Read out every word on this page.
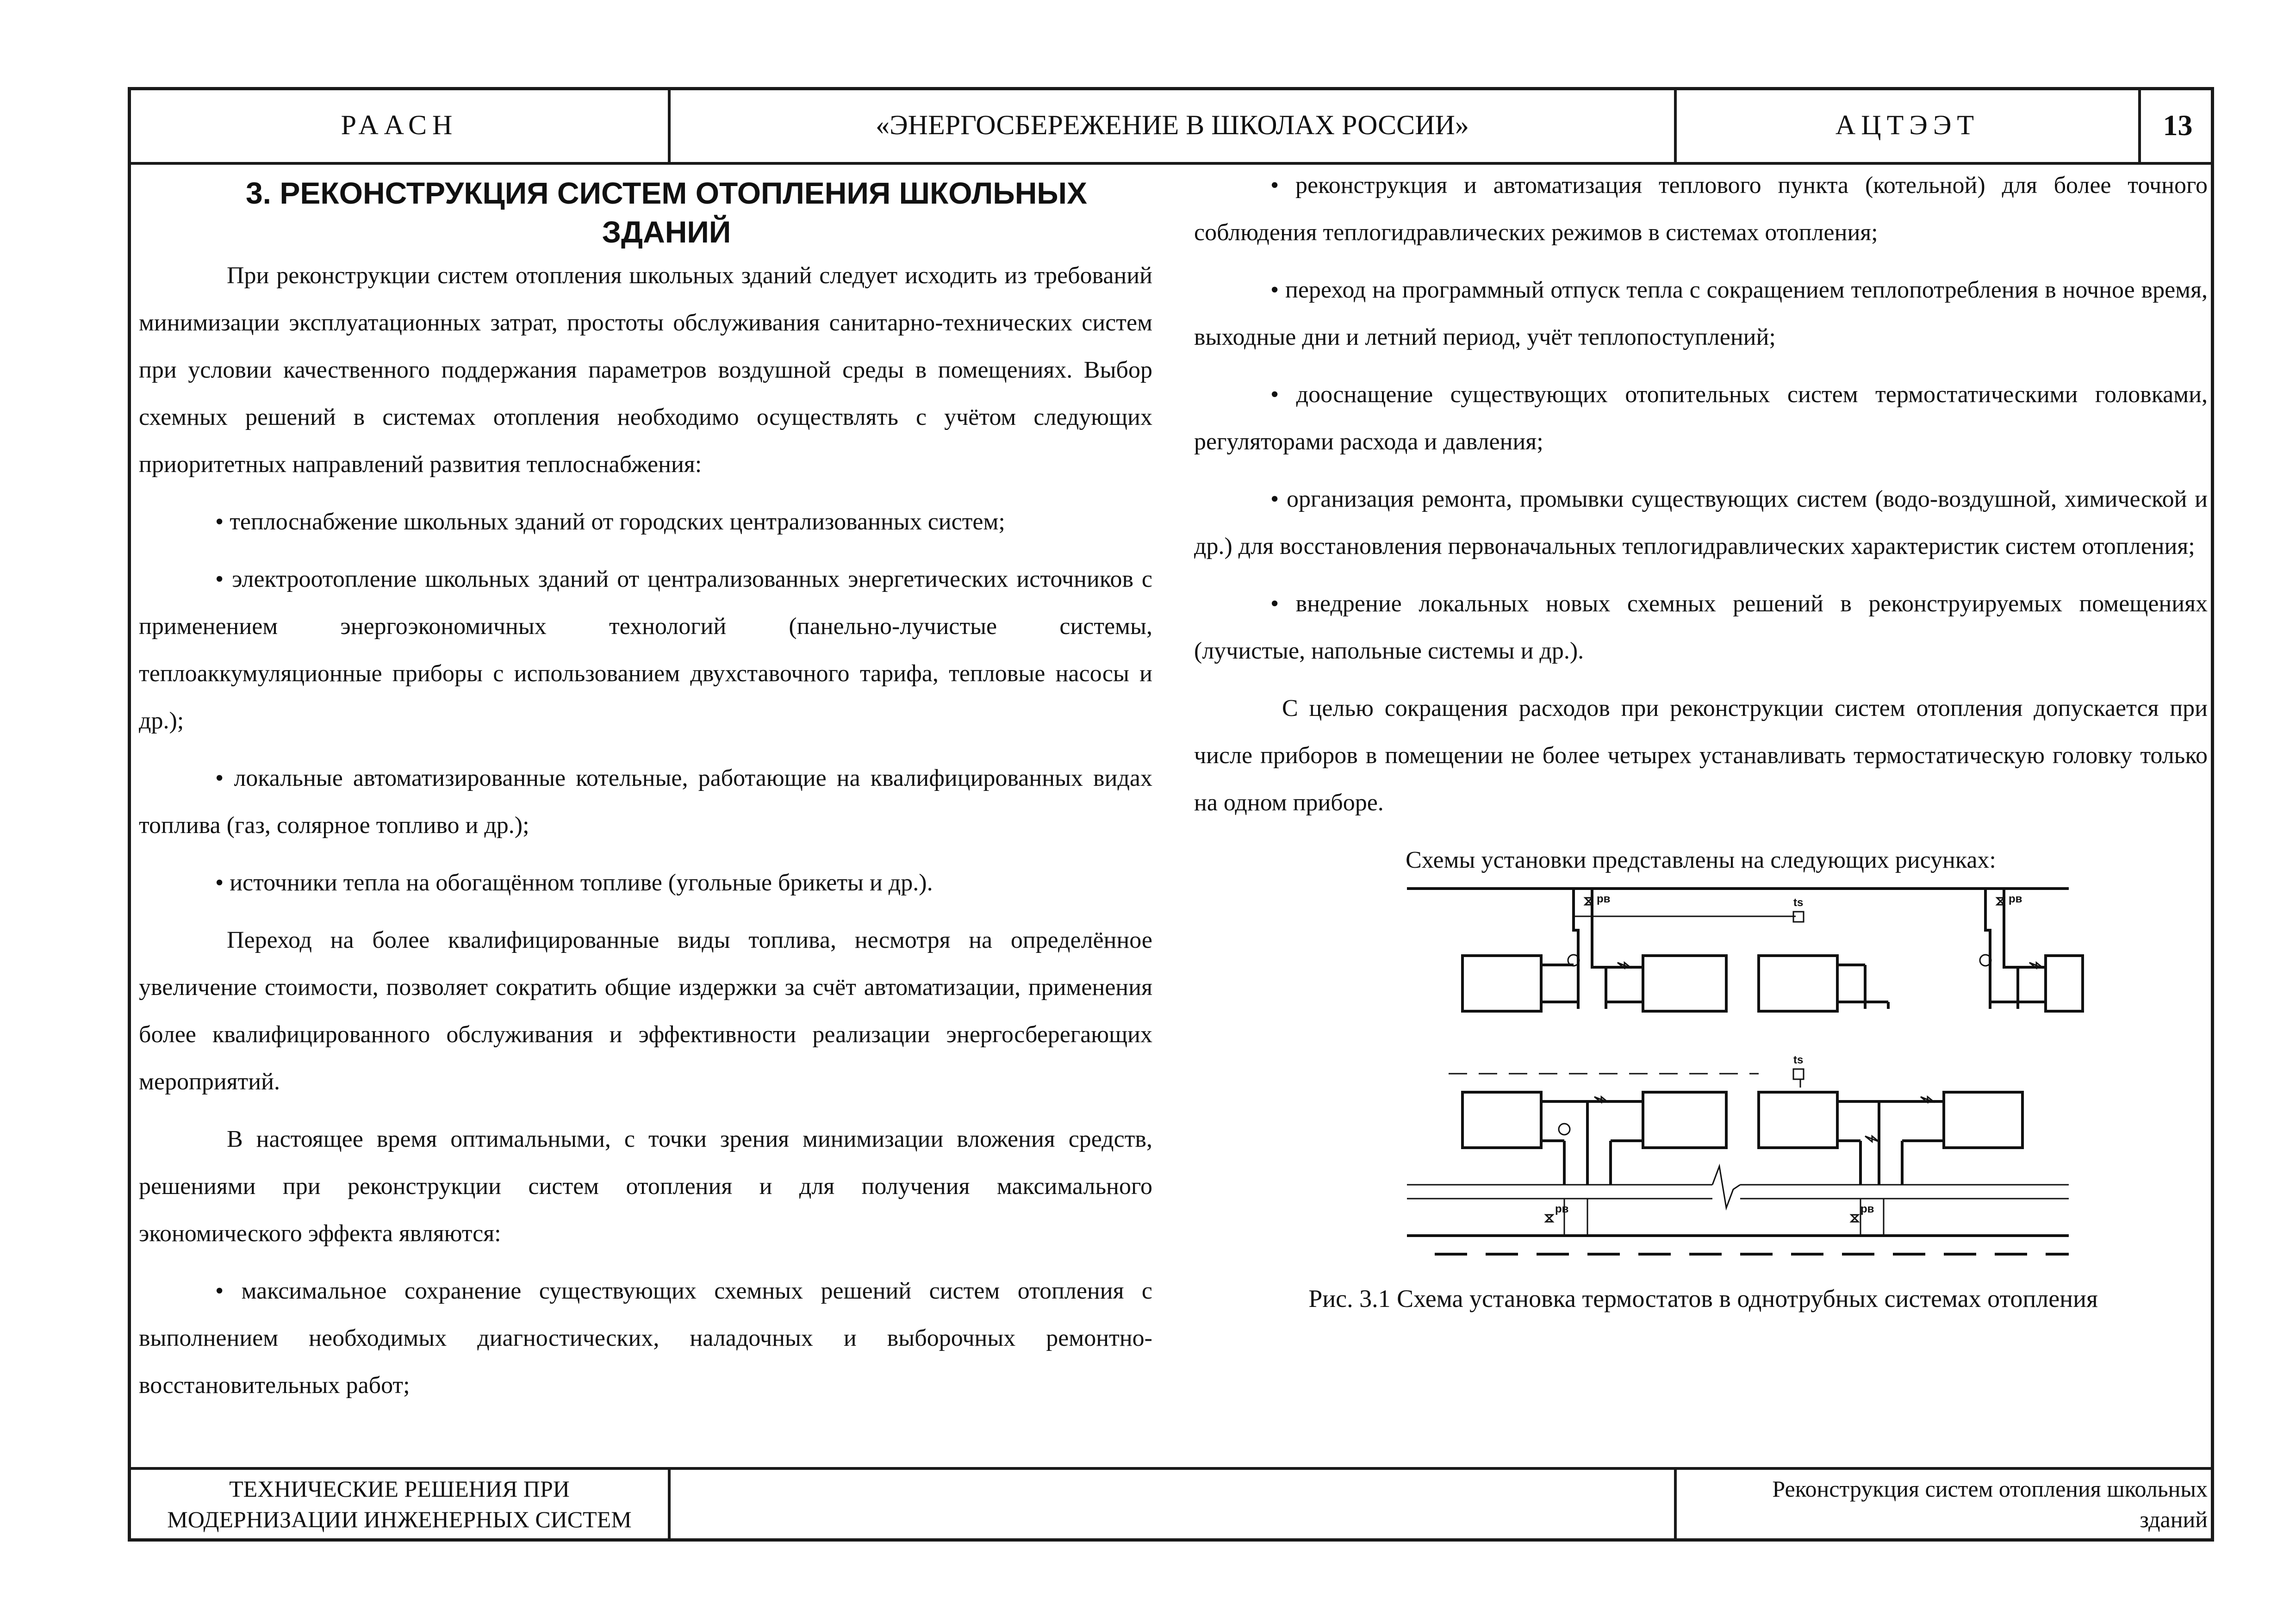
РААСН	«ЭНЕРГОСБЕРЕЖЕНИЕ В ШКОЛАХ РОССИИ»	АЦТЭЭТ	13
3. РЕКОНСТРУКЦИЯ СИСТЕМ ОТОПЛЕНИЯ ШКОЛЬНЫХ
ЗДАНИЙ

При реконструкции систем отопления школьных зданий следует исходить из требований минимизации эксплуатационных затрат, простоты обслуживания санитарно-технических систем при условии качественного поддержания параметров воздушной среды в помещениях. Выбор схемных решений в системах отопления необходимо осуществлять с учётом следующих приоритетных направлений развития теплоснабжения:

• теплоснабжение школьных зданий от городских централизованных систем;

• электроотопление школьных зданий от централизованных энергетических источников с применением энергоэкономичных технологий (панельно-лучистые системы, теплоаккумуляционные приборы с использованием двухставочного тарифа, тепловые насосы и др.);

• локальные автоматизированные котельные, работающие на квалифицированных видах топлива (газ, солярное топливо и др.);

• источники тепла на обогащённом топливе (угольные брикеты и др.).

Переход на более квалифицированные виды топлива, несмотря на определённое увеличение стоимости, позволяет сократить общие издержки за счёт автоматизации, применения более квалифицированного обслуживания и эффективности реализации энергосберегающих мероприятий.

В настоящее время оптимальными, с точки зрения минимизации вложения средств, решениями при реконструкции систем отопления и для получения максимального экономического эффекта являются:

• максимальное сохранение существующих схемных решений систем отопления с выполнением необходимых диагностических, наладочных и выборочных ремонтно-восстановительных работ;

• реконструкция и автоматизация теплового пункта (котельной) для более точного соблюдения теплогидравлических режимов в системах отопления;

• переход на программный отпуск тепла с сокращением теплопотребления в ночное время, выходные дни и летний период, учёт теплопоступлений;

• дооснащение существующих отопительных систем термостатическими головками, регуляторами расхода и давления;

• организация ремонта, промывки существующих систем (водо-воздушной, химической и др.) для восстановления первоначальных теплогидравлических характеристик систем отопления;

• внедрение локальных новых схемных решений в реконструируемых помещениях (лучистые, напольные системы и др.).

С целью сокращения расходов при реконструкции систем отопления допускается при числе приборов в помещении не более четырех устанавливать термостатическую головку только на одном приборе.

Схемы установки представлены на следующих рисунках:

ts
ts
рв	рв
рв	рв
Рис. 3.1 Схема установка термостатов в однотрубных системах отопления
ТЕХНИЧЕСКИЕ РЕШЕНИЯ ПРИ
МОДЕРНИЗАЦИИ ИНЖЕНЕРНЫХ СИСТЕМ
Реконструкция систем отопления школьных
зданий
